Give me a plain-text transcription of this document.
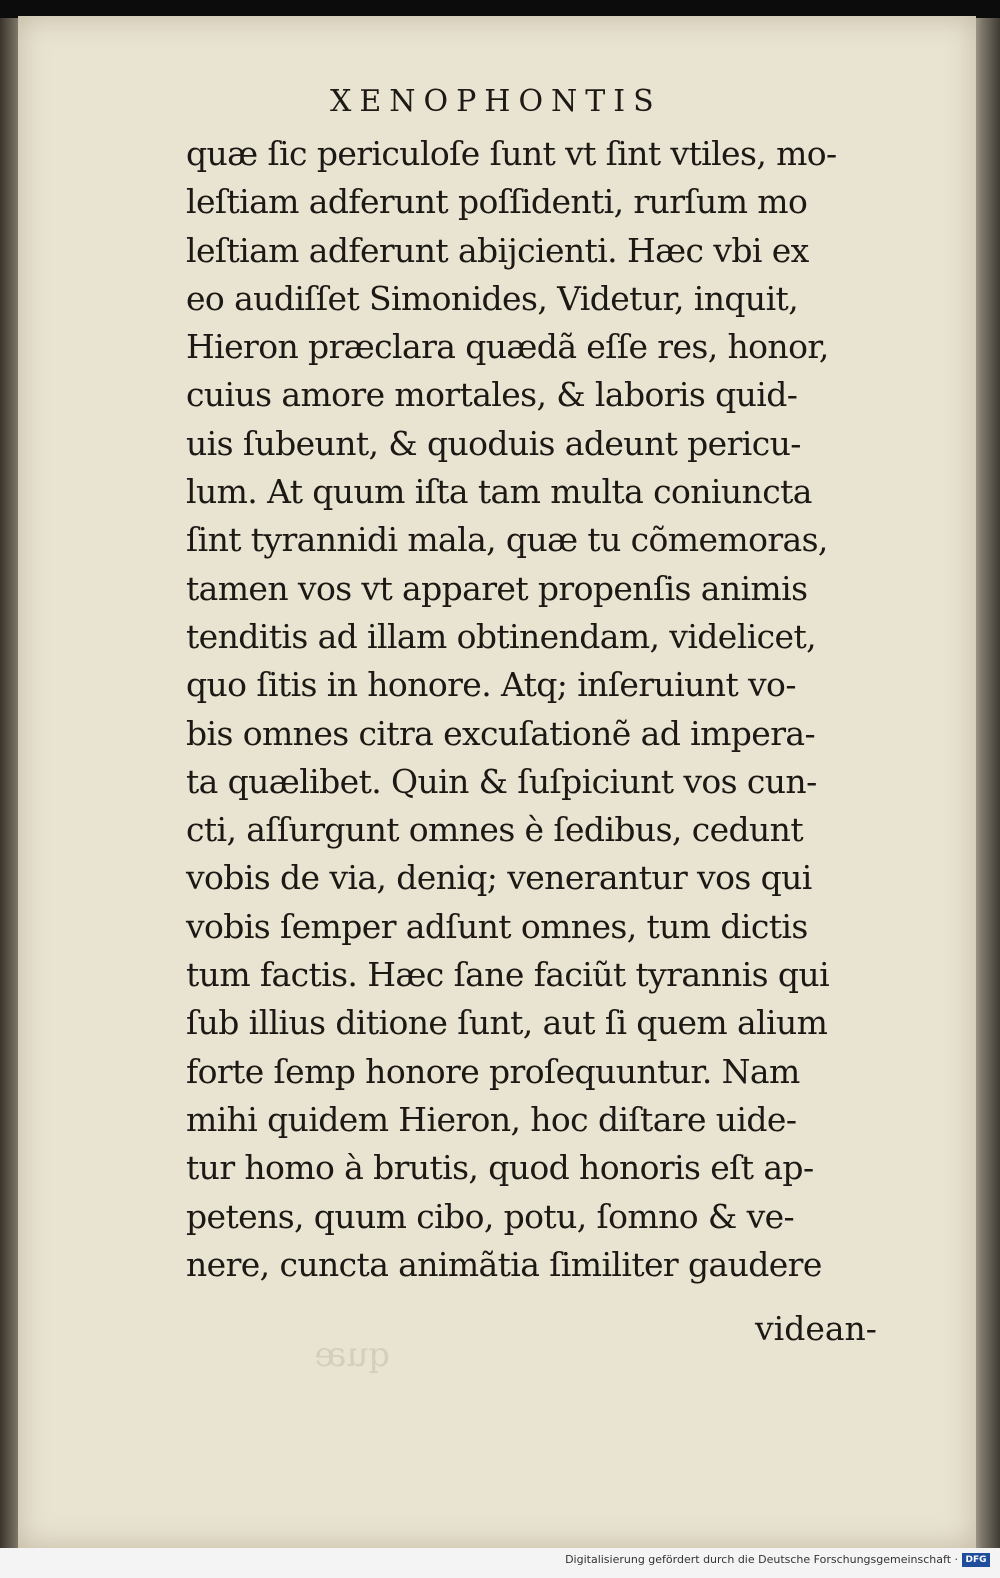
XENOPHONTIS
quæ ſic periculoſe ſunt vt ſint vtiles, mo‑
leſtiam adferunt poſſidenti, rurſum mo
leſtiam adferunt abijcienti. Hæc vbi ex
eo audiſſet Simonides, Videtur, inquit,
Hieron præclara quædã eſſe res, honor,
cuius amore mortales, & laboris quid‑
uis ſubeunt, & quoduis adeunt pericu‑
lum. At quum iſta tam multa coniuncta
ſint tyrannidi mala, quæ tu cõmemoras,
tamen vos vt apparet propenſis animis
tenditis ad illam obtinendam, videlicet,
quo ſitis in honore. Atq; inſeruiunt vo‑
bis omnes citra excuſationẽ ad impera‑
ta quælibet. Quin & ſuſpiciunt vos cun‑
cti, aſſurgunt omnes è ſedibus, cedunt
vobis de via, deniq; venerantur vos qui
vobis ſemper adſunt omnes, tum dictis
tum factis. Hæc ſane faciũt tyrannis qui
ſub illius ditione ſunt, aut ſi quem alium
forte ſemp honore proſequuntur. Nam
mihi quidem Hieron, hoc diſtare uide‑
tur homo à brutis, quod honoris eſt ap‑
petens, quum cibo, potu, ſomno & ve‑
nere, cuncta animãtia ſimiliter gaudere
videan‑
quæ
Digitalisierung gefördert durch die Deutsche Forschungsgemeinschaft · DFG
